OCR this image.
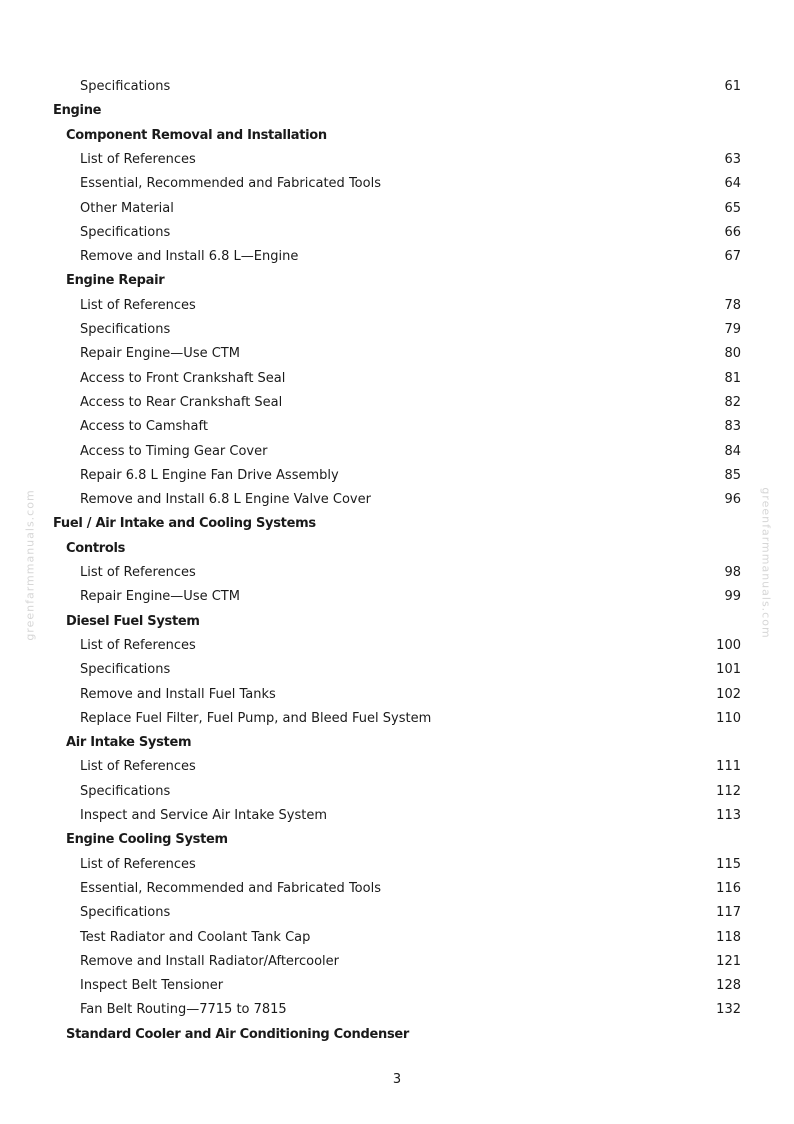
Specifications	61
Engine
Component Removal and Installation
List of References	63
Essential, Recommended and Fabricated Tools	64
Other Material	65
Specifications	66
Remove and Install 6.8 L—Engine	67
Engine Repair
List of References	78
Specifications	79
Repair Engine—Use CTM	80
Access to Front Crankshaft Seal	81
Access to Rear Crankshaft Seal	82
Access to Camshaft	83
Access to Timing Gear Cover	84
Repair 6.8 L Engine Fan Drive Assembly	85
Remove and Install 6.8 L Engine Valve Cover	96
Fuel / Air Intake and Cooling Systems
Controls
List of References	98
Repair Engine—Use CTM	99
Diesel Fuel System
List of References	100
Specifications	101
Remove and Install Fuel Tanks	102
Replace Fuel Filter, Fuel Pump, and Bleed Fuel System	110
Air Intake System
List of References	111
Specifications	112
Inspect and Service Air Intake System	113
Engine Cooling System
List of References	115
Essential, Recommended and Fabricated Tools	116
Specifications	117
Test Radiator and Coolant Tank Cap	118
Remove and Install Radiator/Aftercooler	121
Inspect Belt Tensioner	128
Fan Belt Routing—7715 to 7815	132
Standard Cooler and Air Conditioning Condenser
greenfarmmanuals.com	greenfarmmanuals.com
3
